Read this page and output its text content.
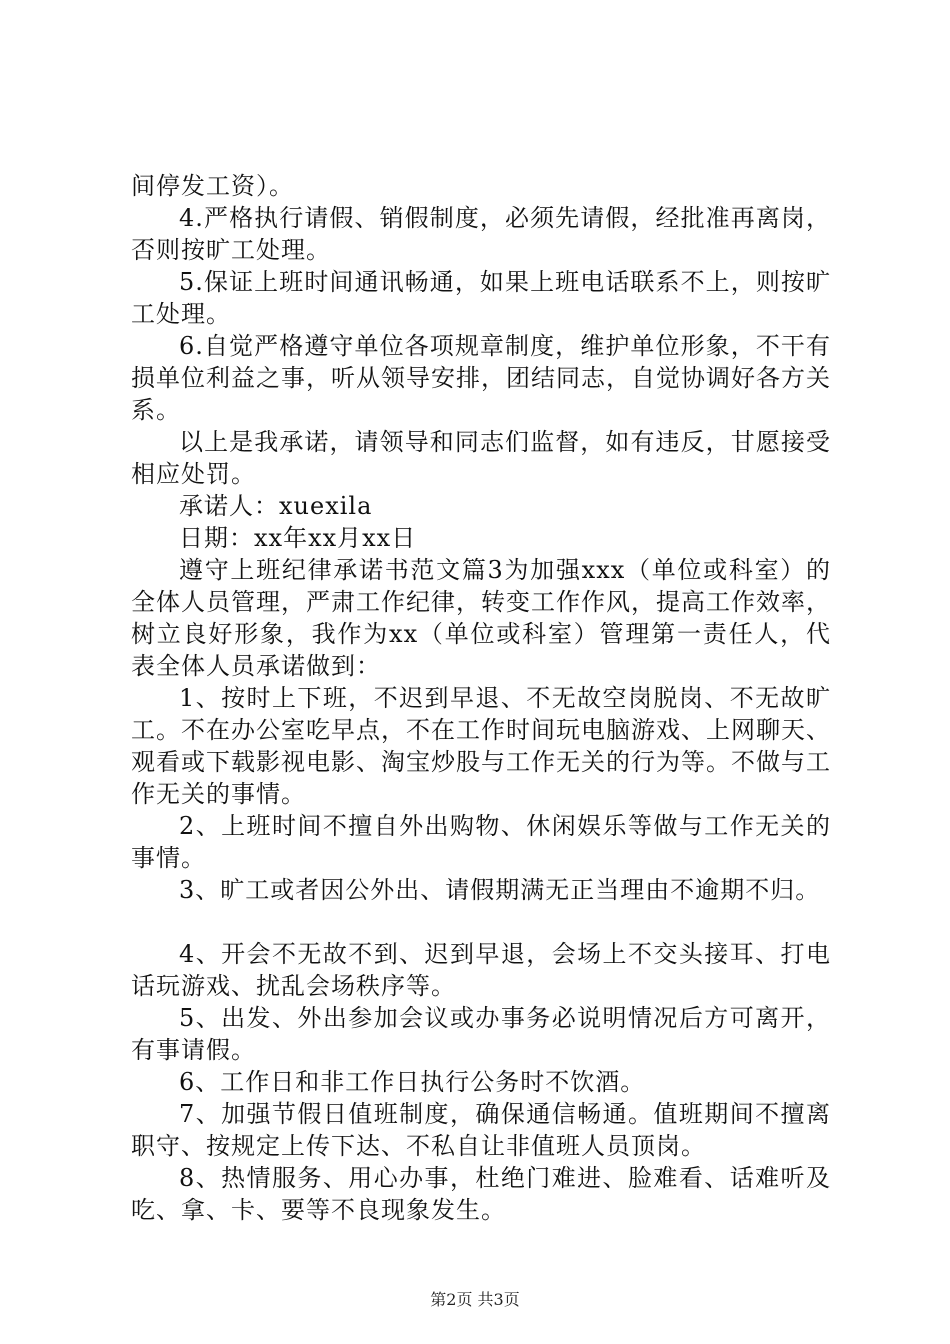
间停发工资）。

4.严格执行请假、销假制度，必须先请假，经批准再离岗，否则按旷工处理。

5.保证上班时间通讯畅通，如果上班电话联系不上，则按旷工处理。

6.自觉严格遵守单位各项规章制度，维护单位形象，不干有损单位利益之事，听从领导安排，团结同志，自觉协调好各方关系。

以上是我承诺，请领导和同志们监督，如有违反，甘愿接受相应处罚。

承诺人：xuexila

日期：xx年xx月xx日

遵守上班纪律承诺书范文篇3为加强xxx（单位或科室）的全体人员管理，严肃工作纪律，转变工作作风，提高工作效率，树立良好形象，我作为xx（单位或科室）管理第一责任人，代表全体人员承诺做到：

1、按时上下班，不迟到早退、不无故空岗脱岗、不无故旷工。不在办公室吃早点，不在工作时间玩电脑游戏、上网聊天、观看或下载影视电影、淘宝炒股与工作无关的行为等。不做与工作无关的事情。

2、上班时间不擅自外出购物、休闲娱乐等做与工作无关的事情。

3、旷工或者因公外出、请假期满无正当理由不逾期不归。

4、开会不无故不到、迟到早退，会场上不交头接耳、打电话玩游戏、扰乱会场秩序等。

5、出发、外出参加会议或办事务必说明情况后方可离开，有事请假。

6、工作日和非工作日执行公务时不饮酒。

7、加强节假日值班制度，确保通信畅通。值班期间不擅离职守、按规定上传下达、不私自让非值班人员顶岗。

8、热情服务、用心办事，杜绝门难进、脸难看、话难听及吃、拿、卡、要等不良现象发生。

第2页 共3页
